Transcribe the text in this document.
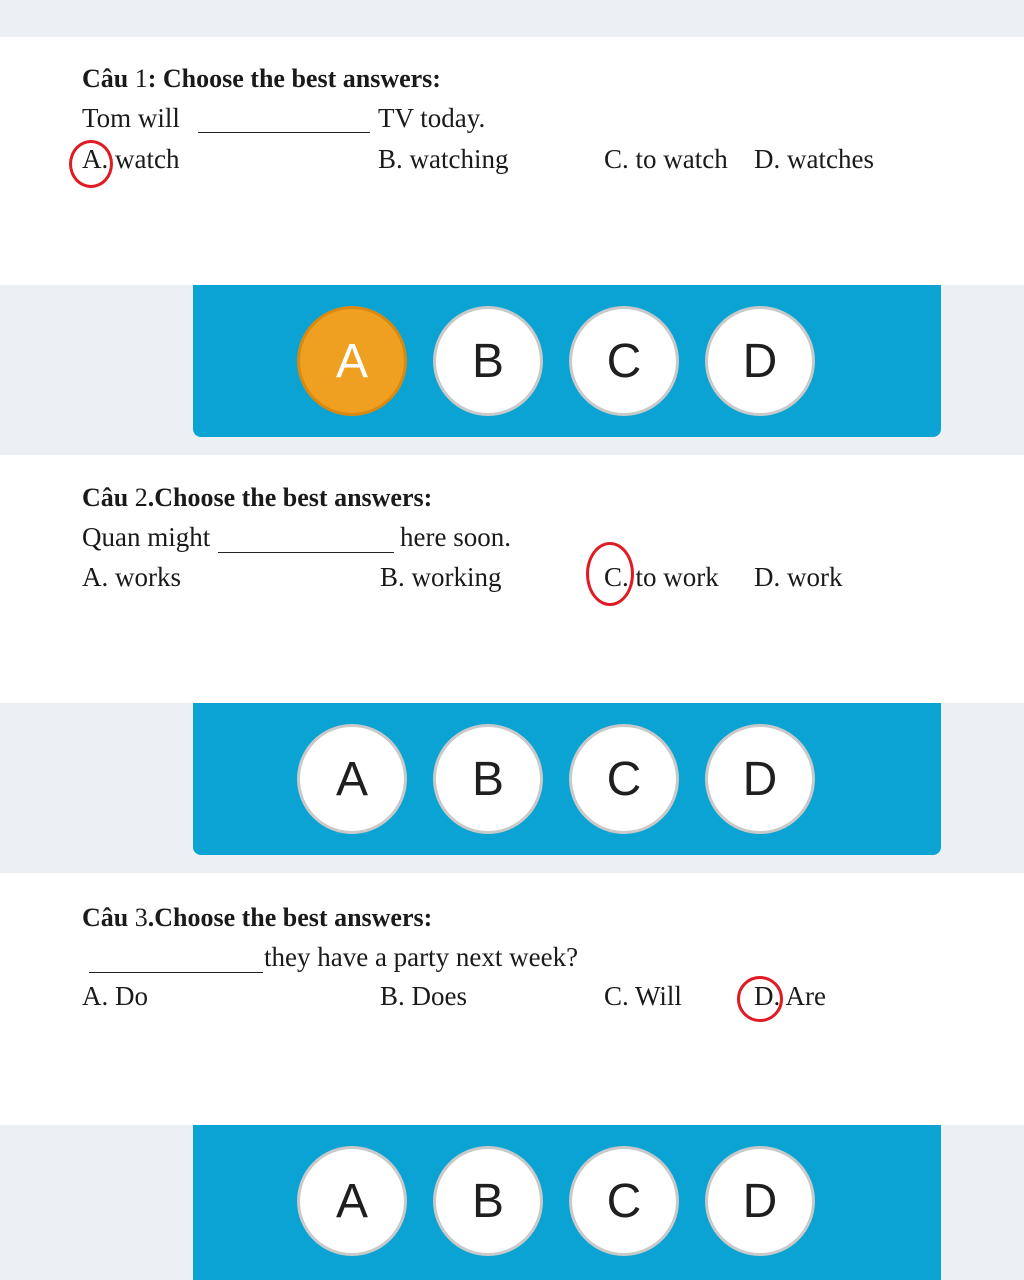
Câu 1: Choose the best answers:
Tom will	TV today.
A. watch	B. watching	C. to watch D. watches
A	B	C	D
Câu 2.Choose the best answers:
Quan might	here soon.
A. works	B. working	C. to work D. work
A	B	C	D
Câu 3.Choose the best answers:
they have a party next week?
A. Do	B. Does	C. Will	D. Are
A	B	C	D
